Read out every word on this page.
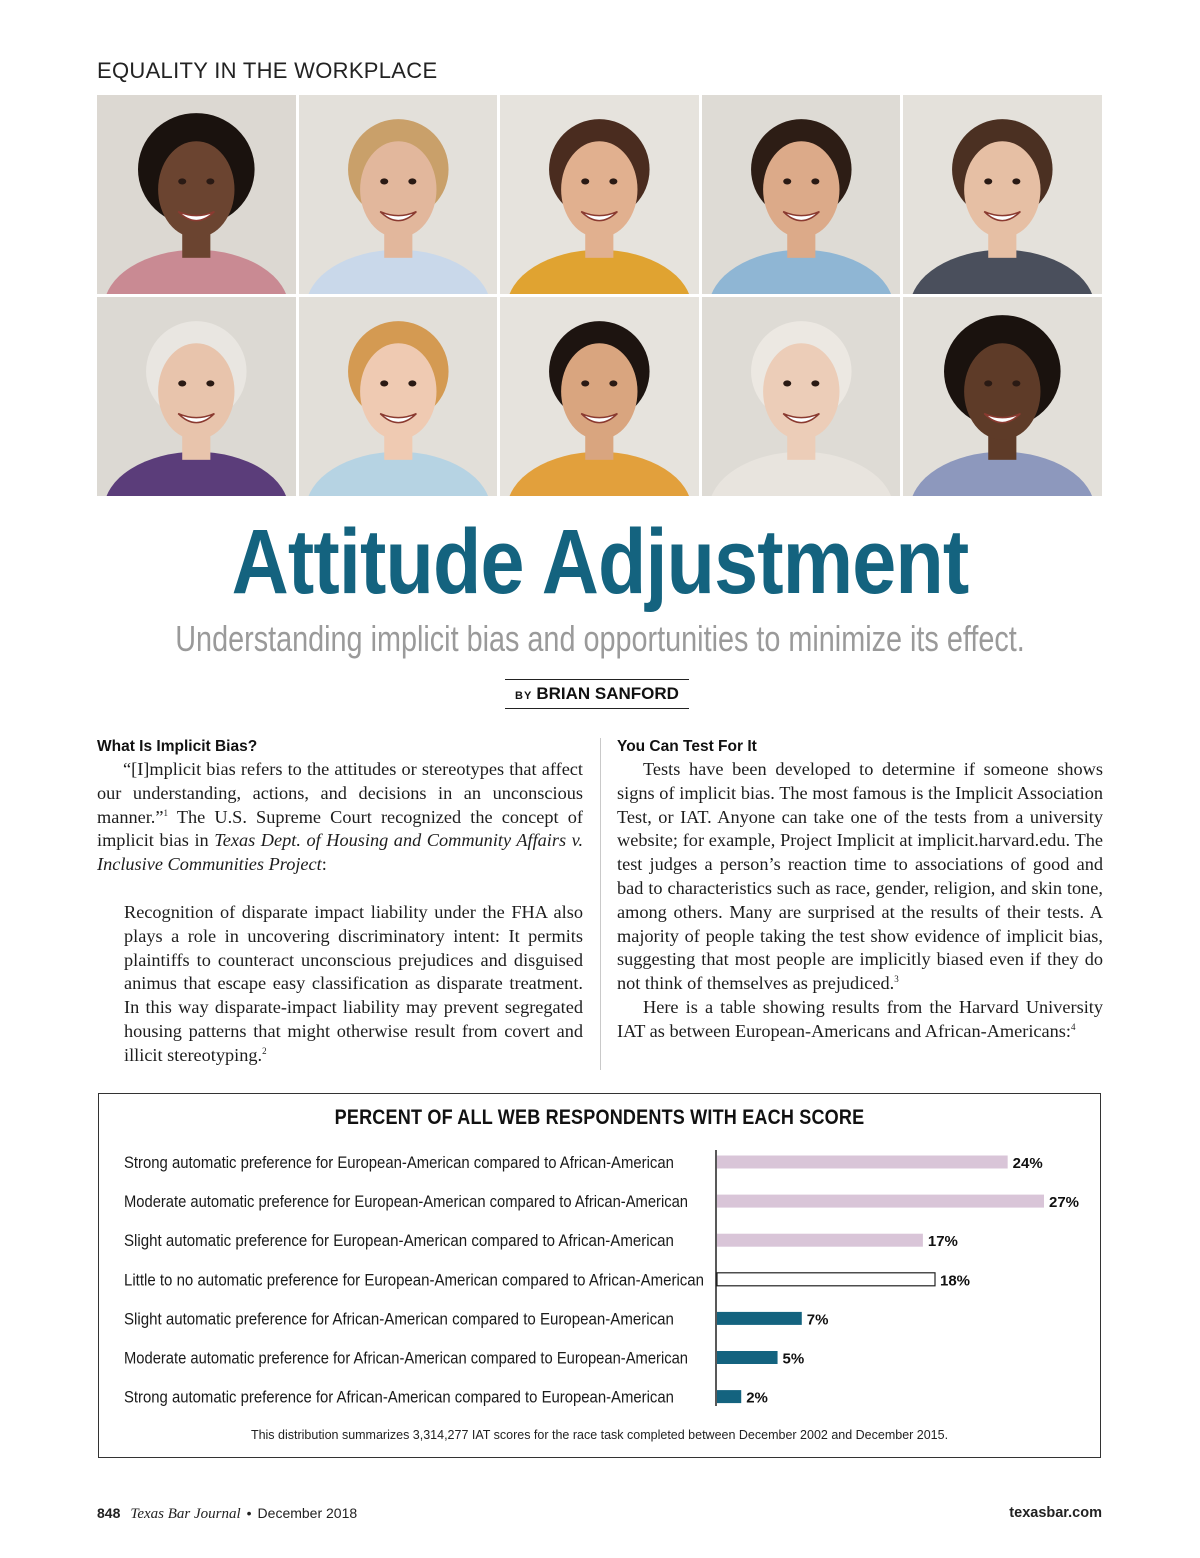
EQUALITY IN THE WORKPLACE
Attitude Adjustment
Understanding implicit bias and opportunities to minimize its effect.
BY BRIAN SANFORD
What Is Implicit Bias?

“[I]mplicit bias refers to the attitudes or stereotypes that affect our understanding, actions, and decisions in an unconscious manner.”$^1$ The U.S. Supreme Court recognized the concept of implicit bias in Texas Dept. of Housing and Community Affairs v. Inclusive Communities Project:

Recognition of disparate impact liability under the FHA also plays a role in uncovering discriminatory intent: It permits plaintiffs to counteract unconscious prejudices and disguised animus that escape easy classification as disparate treatment. In this way disparate-impact liability may prevent segregated housing patterns that might otherwise result from covert and illicit stereotyping.$^2$

You Can Test For It

Tests have been developed to determine if someone shows signs of implicit bias. The most famous is the Implicit Association Test, or IAT. Anyone can take one of the tests from a university website; for example, Project Implicit at implicit.harvard.edu. The test judges a person’s reaction time to associations of good and bad to characteristics such as race, gender, religion, and skin tone, among others. Many are surprised at the results of their tests. A majority of people taking the test show evidence of implicit bias, suggesting that most people are implicitly biased even if they do not think of themselves as prejudiced.$^3$

Here is a table showing results from the Harvard University IAT as between European-Americans and African-Americans:$^4$

PERCENT OF ALL WEB RESPONDENTS WITH EACH SCORE
Strong automatic preference for European-American compared to African-American	24%
Moderate automatic preference for European-American compared to African-American	27%
Slight automatic preference for European-American compared to African-American	17%
Little to no automatic preference for European-American compared to African-American	18%
Slight automatic preference for African-American compared to European-American	7%
Moderate automatic preference for African-American compared to European-American	5%
Strong automatic preference for African-American compared to European-American	2%
This distribution summarizes 3,314,277 IAT scores for the race task completed between December 2002 and December 2015.
848 Texas Bar Journal • December 2018	texasbar.com
